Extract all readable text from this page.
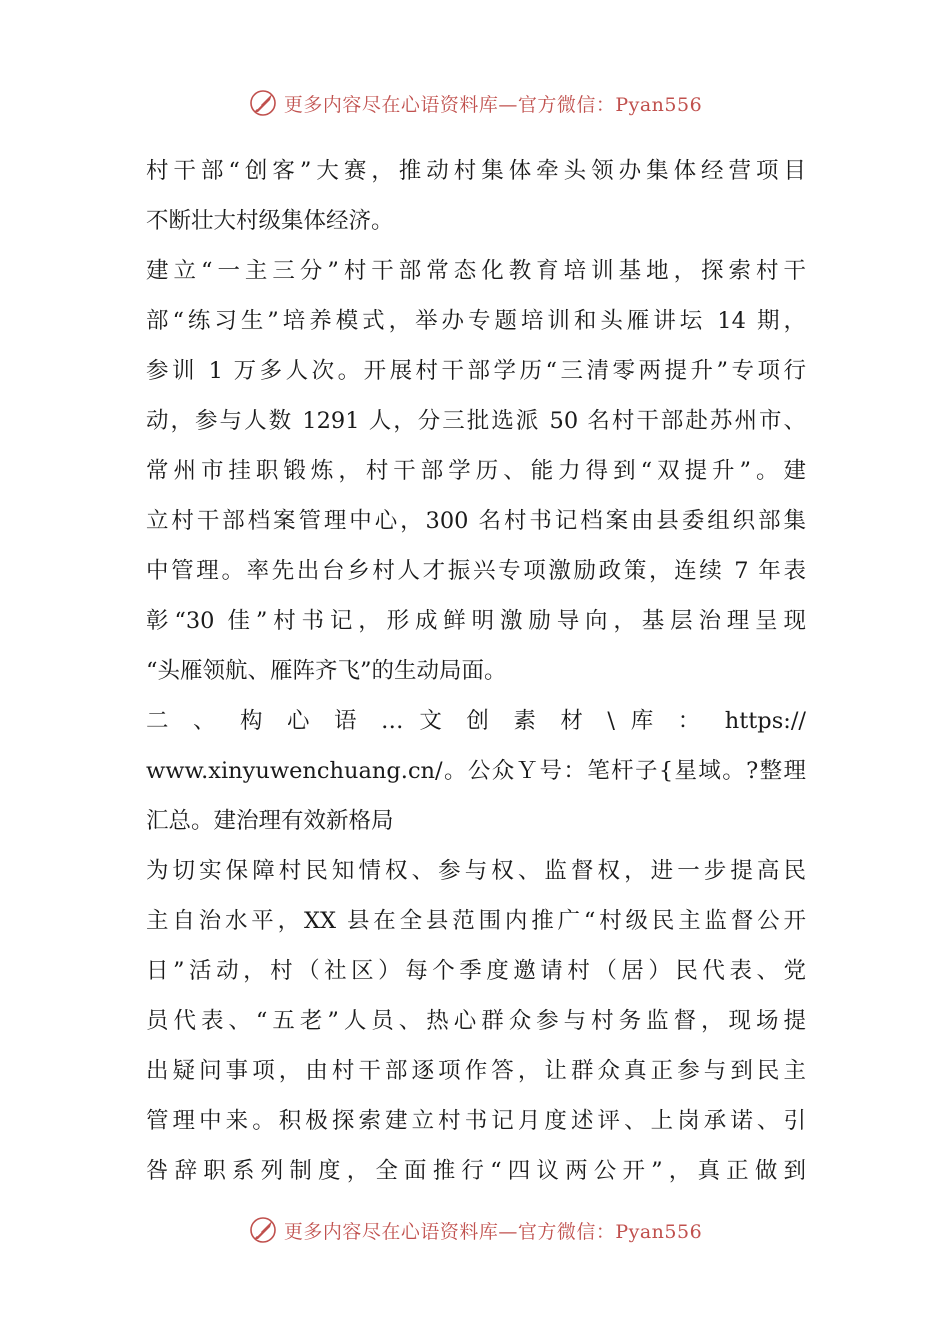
更多内容尽在心语资料库—官方微信：Pyan556
村干部“创客”大赛，推动村集体牵头领办集体经营项目
不断壮大村级集体经济。
建立“一主三分”村干部常态化教育培训基地，探索村干
部“练习生”培养模式，举办专题培训和头雁讲坛 14 期，
参训 1 万多人次。开展村干部学历“三清零两提升”专项行
动，参与人数 1291 人，分三批选派 50 名村干部赴苏州市、
常州市挂职锻炼，村干部学历、能力得到“双提升”。建
立村干部档案管理中心，300 名村书记档案由县委组织部集
中管理。率先出台乡村人才振兴专项激励政策，连续 7 年表
彰“30 佳”村书记，形成鲜明激励导向，基层治理呈现
“头雁领航、雁阵齐飞”的生动局面。
二 、 构 心 语 … 文 创 素 材 \ 库 ： https://
www.xinyuwenchuang.cn/。公众Ｙ号：笔杆子{星域。?整理
汇总。建治理有效新格局
为切实保障村民知情权、参与权、监督权，进一步提高民
主自治水平，XX 县在全县范围内推广“村级民主监督公开
日”活动，村（社区）每个季度邀请村（居）民代表、党
员代表、“五老”人员、热心群众参与村务监督，现场提
出疑问事项，由村干部逐项作答，让群众真正参与到民主
管理中来。积极探索建立村书记月度述评、上岗承诺、引
咎辞职系列制度，全面推行“四议两公开”，真正做到
更多内容尽在心语资料库—官方微信：Pyan556
